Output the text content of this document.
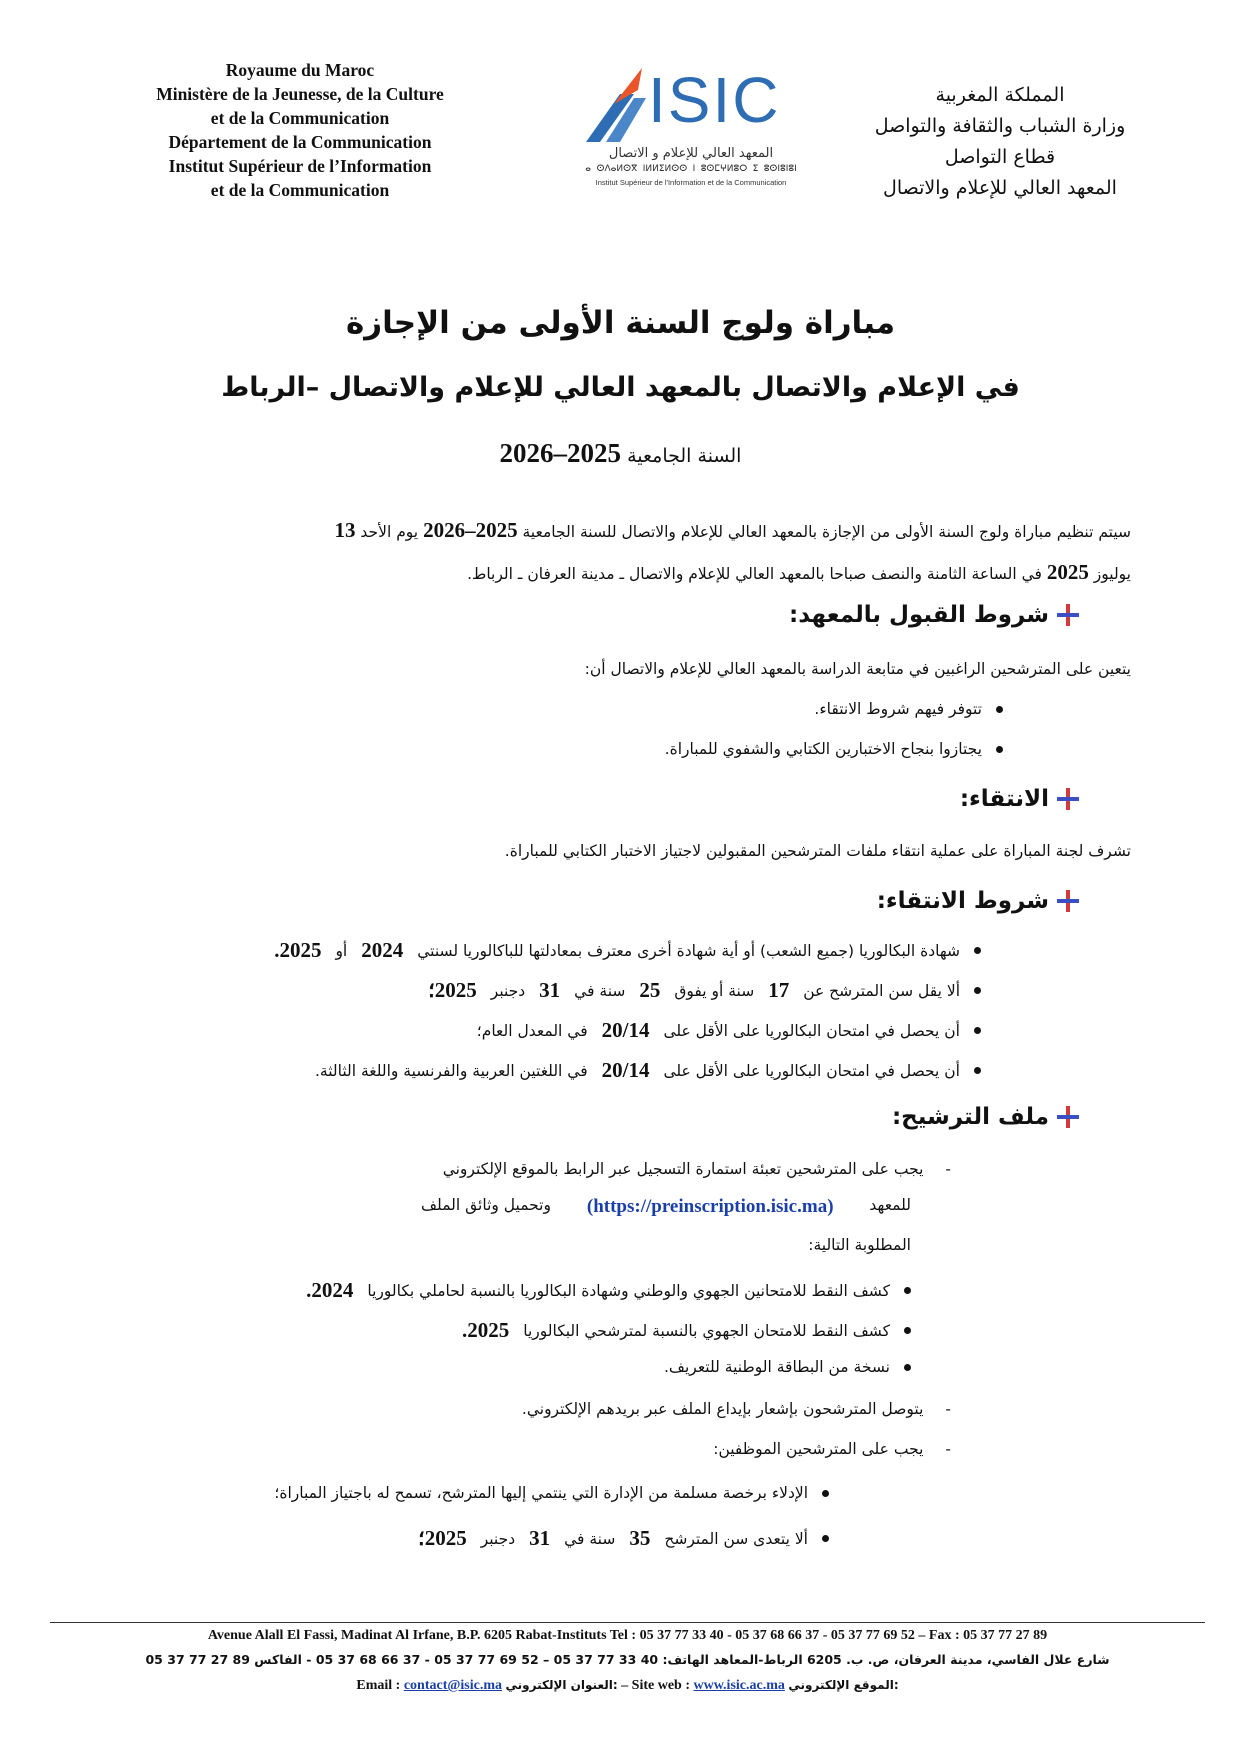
Royaume du Maroc
Ministère de la Jeunesse, de la Culture
et de la Communication
Département de la Communication
Institut Supérieur de l’Information
et de la Communication
ISIC
المعهد العالي للإعلام و الاتصال
ⴰ ⵙⴷⴰⵍⵙⴳ ⵏⵍⵍⵉⵍⵙⵙ ⵏ ⵓⵙⵎⵖⵍⵓⵔ ⵉ ⵓⵙⵏⵓⵏⵓⵏ
Institut Supérieur de l'Information et de la Communication
المملكة المغربية
وزارة الشباب والثقافة والتواصل
قطاع التواصل
المعهد العالي للإعلام والاتصال
مباراة ولوج السنة الأولى من الإجازة
في الإعلام والاتصال بالمعهد العالي للإعلام والاتصال –الرباط
السنة الجامعية 2025–2026
سيتم تنظيم مباراة ولوج السنة الأولى من الإجازة بالمعهد العالي للإعلام والاتصال للسنة الجامعية 2025–2026 يوم الأحد 13
يوليوز 2025 في الساعة الثامنة والنصف صباحا بالمعهد العالي للإعلام والاتصال ـ مدينة العرفان ـ الرباط.
شروط القبول بالمعهد:
يتعين على المترشحين الراغبين في متابعة الدراسة بالمعهد العالي للإعلام والاتصال أن:
تتوفر فيهم شروط الانتقاء.
يجتازوا بنجاح الاختبارين الكتابي والشفوي للمباراة.
الانتقاء:
تشرف لجنة المباراة على عملية انتقاء ملفات المترشحين المقبولين لاجتياز الاختبار الكتابي للمباراة.
شروط الانتقاء:
شهادة البكالوريا (جميع الشعب) أو أية شهادة أخرى معترف بمعادلتها للباكالوريا لسنتي
2024
أو
2025.
ألا يقل سن المترشح عن
17
سنة أو يفوق
25
سنة في
31
دجنبر
2025؛
أن يحصل في امتحان البكالوريا على الأقل على
20/14
في المعدل العام؛
أن يحصل في امتحان البكالوريا على الأقل على
20/14
في اللغتين العربية والفرنسية واللغة الثالثة.
ملف الترشيح:
-
يجب على المترشحين تعبئة استمارة التسجيل عبر الرابط بالموقع الإلكتروني
للمعهد
(https://preinscription.isic.ma)
وتحميل وثائق الملف
المطلوبة التالية:
كشف النقط للامتحانين الجهوي والوطني وشهادة البكالوريا بالنسبة لحاملي بكالوريا
2024.
كشف النقط للامتحان الجهوي بالنسبة لمترشحي البكالوريا
2025.
نسخة من البطاقة الوطنية للتعريف.
-
يتوصل المترشحون بإشعار بإيداع الملف عبر بريدهم الإلكتروني.
-
يجب على المترشحين الموظفين:
الإدلاء برخصة مسلمة من الإدارة التي ينتمي إليها المترشح، تسمح له باجتياز المباراة؛
ألا يتعدى سن المترشح
35
سنة في
31
دجنبر
2025؛
Avenue Alall El Fassi, Madinat Al Irfane, B.P. 6205 Rabat-Instituts Tel : 05 37 77 33 40 - 05 37 68 66 37 - 05 37 77 69 52 – Fax : 05 37 77 27 89
شارع علال الفاسي، مدينة العرفان، ص. ب. 6205 الرباط-المعاهد الهاتف: 40 33 77 37 05 – 52 69 77 37 05 - 37 66 68 37 05 - الفاكس 89 27 77 37 05
Email : contact@isic.ma العنوان الإلكتروني: – Site web : www.isic.ac.ma الموقع الإلكتروني:
